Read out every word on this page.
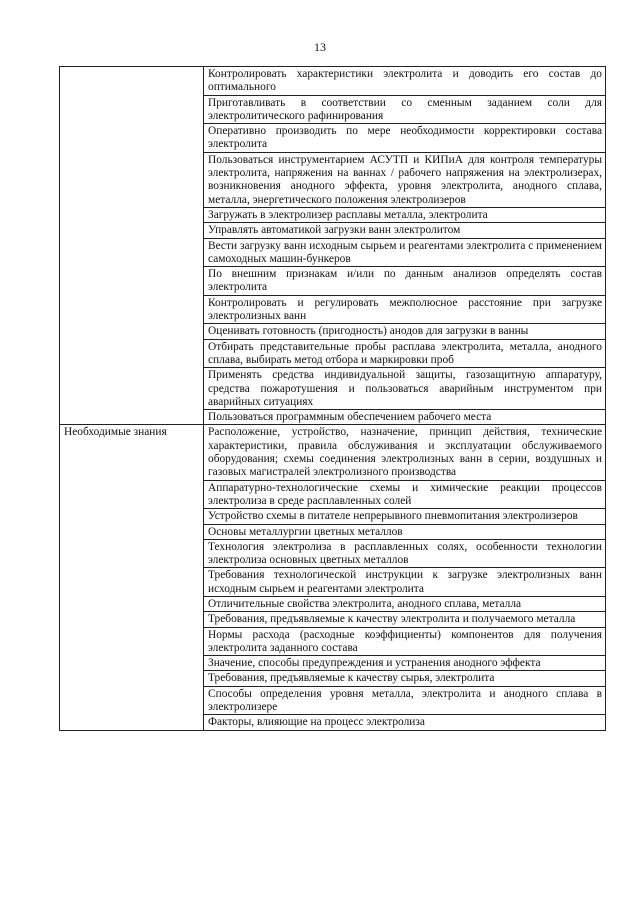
13
	Контролировать характеристики электролита и доводить его состав до оптимального
	Приготавливать в соответствии со сменным заданием соли для электролитического рафинирования
	Оперативно производить по мере необходимости корректировки состава электролита
	Пользоваться инструментарием АСУТП и КИПиА для контроля температуры электролита, напряжения на ваннах / рабочего напряжения на электролизерах, возникновения анодного эффекта, уровня электролита, анодного сплава, металла, энергетического положения электролизеров
	Загружать в электролизер расплавы металла, электролита
	Управлять автоматикой загрузки ванн электролитом
	Вести загрузку ванн исходным сырьем и реагентами электролита с применением самоходных машин-бункеров
	По внешним признакам и/или по данным анализов определять состав электролита
	Контролировать и регулировать межполюсное расстояние при загрузке электролизных ванн
	Оценивать готовность (пригодность) анодов для загрузки в ванны
	Отбирать представительные пробы расплава электролита, металла, анодного сплава, выбирать метод отбора и маркировки проб
	Применять средства индивидуальной защиты, газозащитную аппаратуру, средства пожаротушения и пользоваться аварийным инструментом при аварийных ситуациях
	Пользоваться программным обеспечением рабочего места
Необходимые знания	Расположение, устройство, назначение, принцип действия, технические характеристики, правила обслуживания и эксплуатации обслуживаемого оборудования; схемы соединения электролизных ванн в серии, воздушных и газовых магистралей электролизного производства
	Аппаратурно-технологические схемы и химические реакции процессов электролиза в среде расплавленных солей
	Устройство схемы в питателе непрерывного пневмопитания электролизеров
	Основы металлургии цветных металлов
	Технология электролиза в расплавленных солях, особенности технологии электролиза основных цветных металлов
	Требования технологической инструкции к загрузке электролизных ванн исходным сырьем и реагентами электролита
	Отличительные свойства электролита, анодного сплава, металла
	Требования, предъявляемые к качеству электролита и получаемого металла
	Нормы расхода (расходные коэффициенты) компонентов для получения электролита заданного состава
	Значение, способы предупреждения и устранения анодного эффекта
	Требования, предъявляемые к качеству сырья, электролита
	Способы определения уровня металла, электролита и анодного сплава в электролизере
	Факторы, влияющие на процесс электролиза
